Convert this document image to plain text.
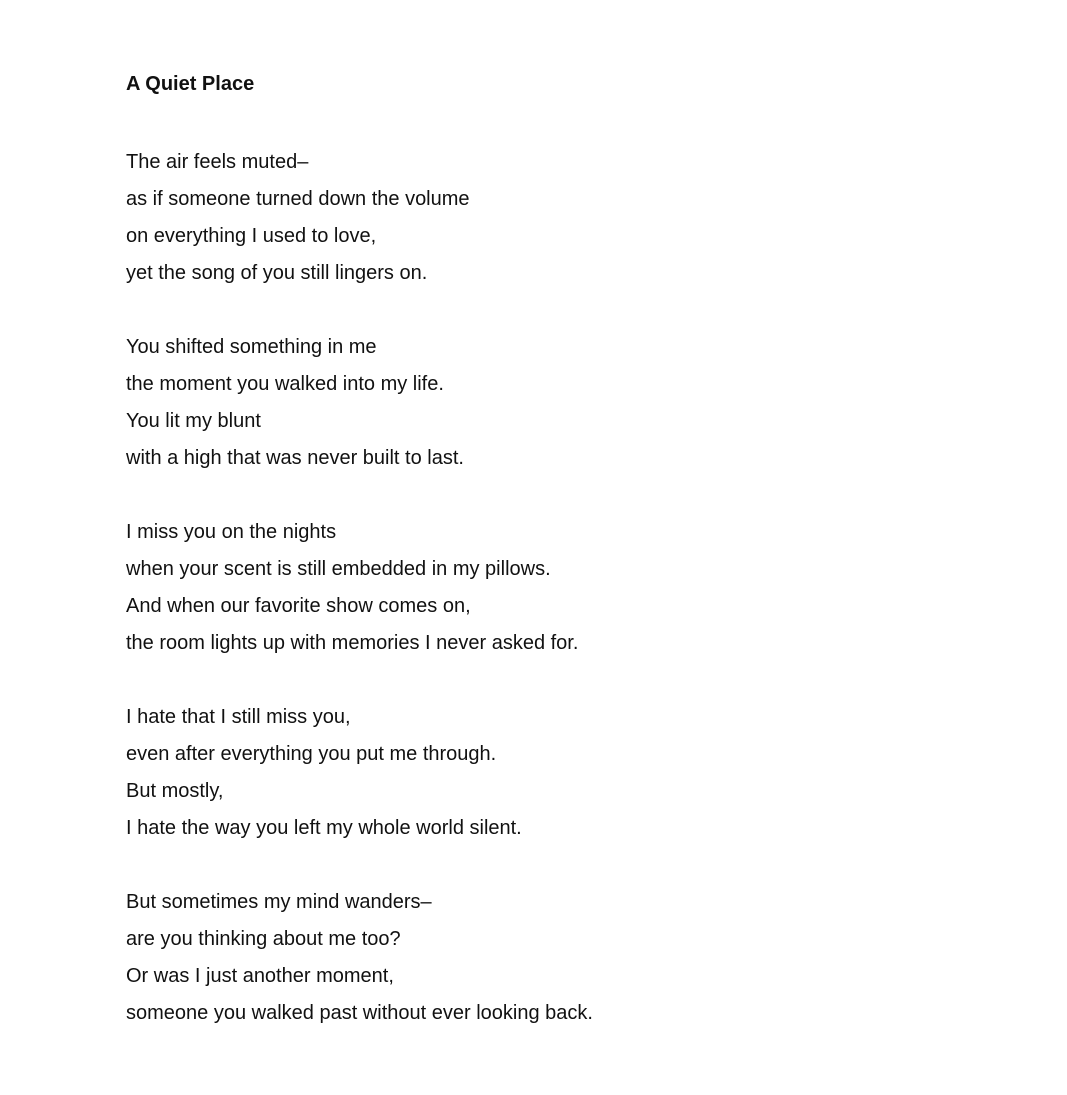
A Quiet Place
The air feels muted–
as if someone turned down the volume
on everything I used to love,
yet the song of you still lingers on.
You shifted something in me
the moment you walked into my life.
You lit my blunt
with a high that was never built to last.
I miss you on the nights
when your scent is still embedded in my pillows.
And when our favorite show comes on,
the room lights up with memories I never asked for.
I hate that I still miss you,
even after everything you put me through.
But mostly,
I hate the way you left my whole world silent.
But sometimes my mind wanders–
are you thinking about me too?
Or was I just another moment,
someone you walked past without ever looking back.
